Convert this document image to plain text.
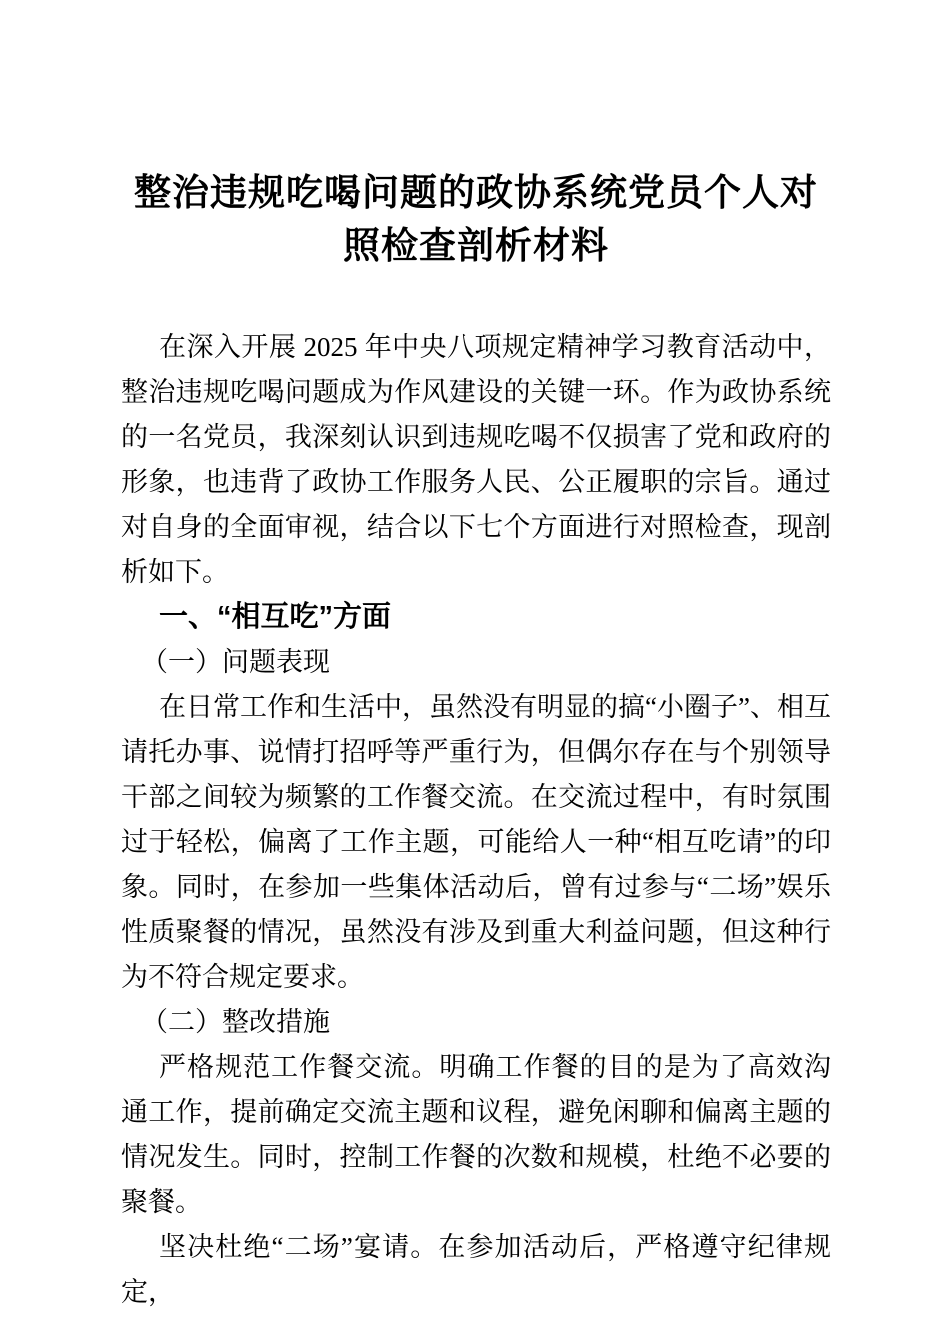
整治违规吃喝问题的政协系统党员个人对照检查剖析材料

在深入开展 2025 年中央八项规定精神学习教育活动中，整治违规吃喝问题成为作风建设的关键一环。作为政协系统的一名党员，我深刻认识到违规吃喝不仅损害了党和政府的形象，也违背了政协工作服务人民、公正履职的宗旨。通过对自身的全面审视，结合以下七个方面进行对照检查，现剖析如下。

一、“相互吃”方面
（一）问题表现

在日常工作和生活中，虽然没有明显的搞“小圈子”、相互请托办事、说情打招呼等严重行为，但偶尔存在与个别领导干部之间较为频繁的工作餐交流。在交流过程中，有时氛围过于轻松，偏离了工作主题，可能给人一种“相互吃请”的印象。同时，在参加一些集体活动后，曾有过参与“二场”娱乐性质聚餐的情况，虽然没有涉及到重大利益问题，但这种行为不符合规定要求。

（二）整改措施

严格规范工作餐交流。明确工作餐的目的是为了高效沟通工作，提前确定交流主题和议程，避免闲聊和偏离主题的情况发生。同时，控制工作餐的次数和规模，杜绝不必要的聚餐。

坚决杜绝“二场”宴请。在参加活动后，严格遵守纪律规定，
